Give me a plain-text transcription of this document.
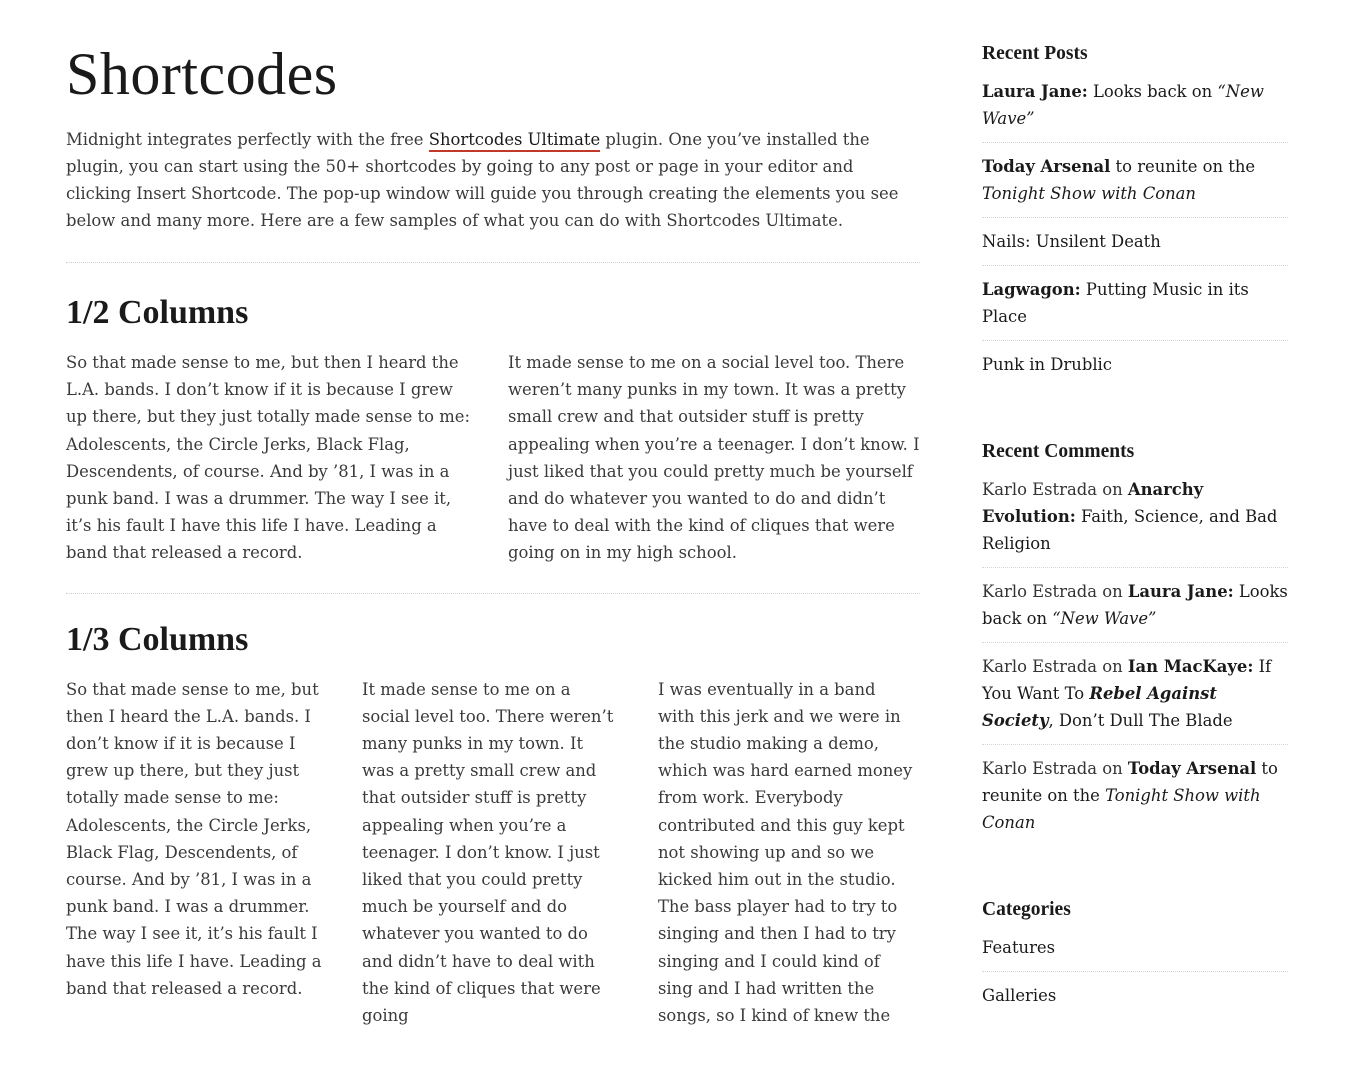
Shortcodes

Midnight integrates perfectly with the free Shortcodes Ultimate plugin. One you’ve installed the plugin, you can start using the 50+ shortcodes by going to any post or page in your editor and clicking Insert Shortcode. The pop-up window will guide you through creating the elements you see below and many more. Here are a few samples of what you can do with Shortcodes Ultimate.

1/2 Columns

So that made sense to me, but then I heard the L.A. bands. I don’t know if it is because I grew up there, but they just totally made sense to me: Adolescents, the Circle Jerks, Black Flag, Descendents, of course. And by ’81, I was in a punk band. I was a drummer. The way I see it, it’s his fault I have this life I have. Leading a band that released a record.

It made sense to me on a social level too. There weren’t many punks in my town. It was a pretty small crew and that outsider stuff is pretty appealing when you’re a teenager. I don’t know. I just liked that you could pretty much be yourself and do whatever you wanted to do and didn’t have to deal with the kind of cliques that were going on in my high school.

1/3 Columns

So that made sense to me, but then I heard the L.A. bands. I don’t know if it is because I grew up there, but they just totally made sense to me: Adolescents, the Circle Jerks, Black Flag, Descendents, of course. And by ’81, I was in a punk band. I was a drummer. The way I see it, it’s his fault I have this life I have. Leading a band that released a record.

It made sense to me on a social level too. There weren’t many punks in my town. It was a pretty small crew and that outsider stuff is pretty appealing when you’re a teenager. I don’t know. I just liked that you could pretty much be yourself and do whatever you wanted to do and didn’t have to deal with the kind of cliques that were going

I was eventually in a band with this jerk and we were in the studio making a demo, which was hard earned money from work. Everybody contributed and this guy kept not showing up and so we kicked him out in the studio. The bass player had to try to singing and then I had to try singing and I could kind of sing and I had written the songs, so I kind of knew the

Recent Posts
Laura Jane: Looks back on “New Wave”
Today Arsenal to reunite on the Tonight Show with Conan
Nails: Unsilent Death
Lagwagon: Putting Music in its Place
Punk in Drublic
Recent Comments
Karlo Estrada on Anarchy Evolution: Faith, Science, and Bad Religion
Karlo Estrada on Laura Jane: Looks back on “New Wave”
Karlo Estrada on Ian MacKaye: If You Want To Rebel Against Society, Don’t Dull The Blade
Karlo Estrada on Today Arsenal to reunite on the Tonight Show with Conan
Categories
Features
Galleries
